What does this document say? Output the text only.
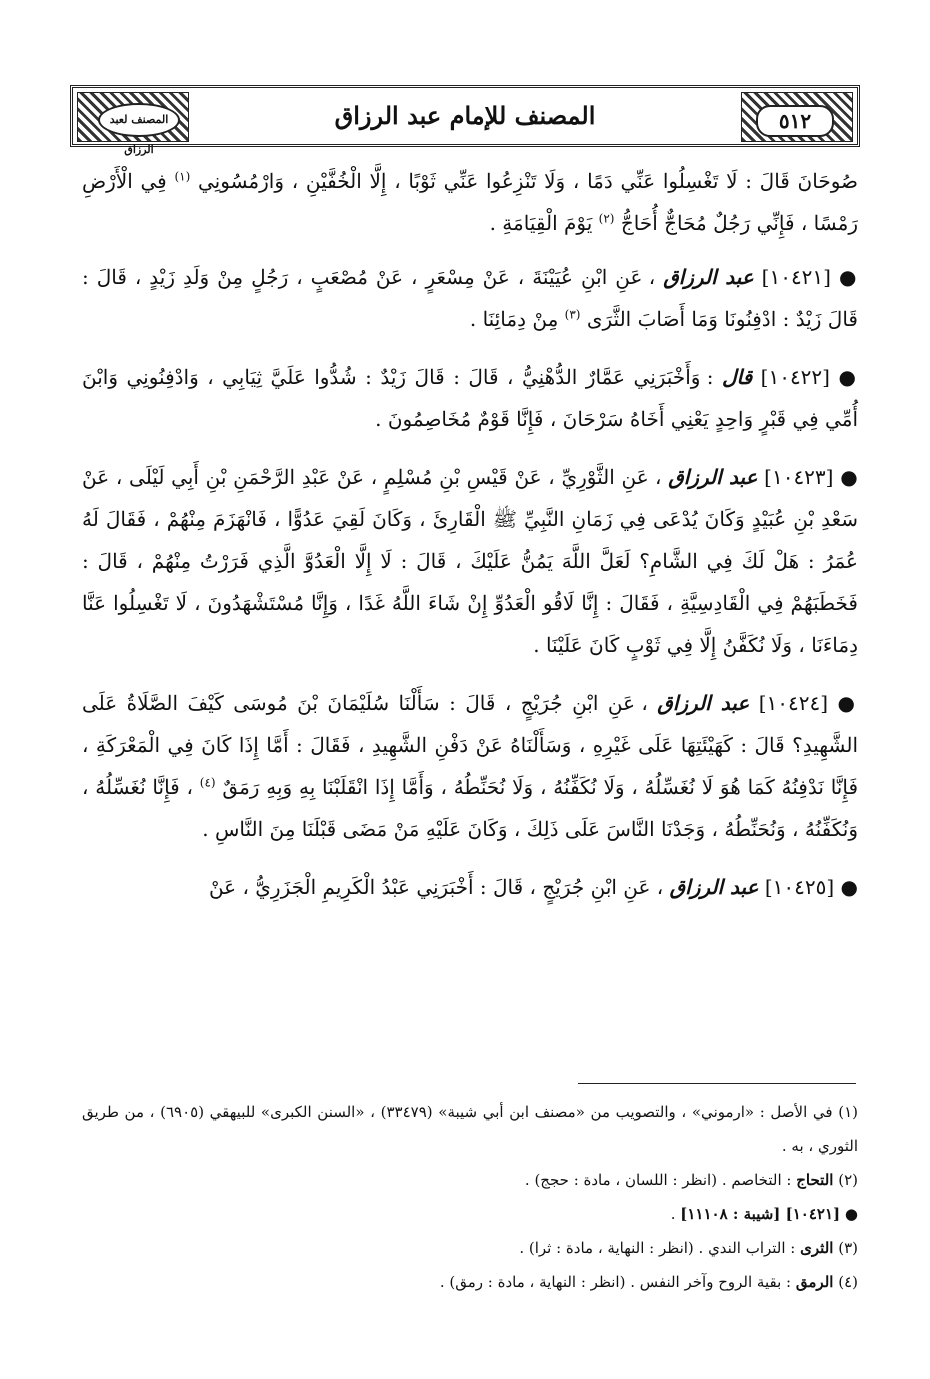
٥١٢
المصنف للإمام عبد الرزاق
المصنف لعبد الرزاق

صُوحَانَ قَالَ : لَا تَغْسِلُوا عَنِّي دَمًا ، وَلَا تَنْزِعُوا عَنِّي ثَوْبًا ، إِلَّا الْخُفَّيْنِ ، وَارْمُسُونِي $^{(١)}$ فِي الْأَرْضِ رَمْسًا ، فَإِنِّي رَجُلٌ مُحَاجٌّ أُحَاجُّ $^{(٢)}$ يَوْمَ الْقِيَامَةِ .

● [١٠٤٢١] عبد الرزاق ، عَنِ ابْنِ عُيَيْنَةَ ، عَنْ مِسْعَرٍ ، عَنْ مُصْعَبٍ ، رَجُلٍ مِنْ وَلَدِ زَيْدٍ ، قَالَ : قَالَ زَيْدٌ : ادْفِنُونَا وَمَا أَصَابَ الثَّرَى $^{(٣)}$ مِنْ دِمَائِنَا .

● [١٠٤٢٢] قال : وَأَخْبَرَنِي عَمَّارٌ الدُّهْنِيُّ ، قَالَ : قَالَ زَيْدٌ : شُدُّوا عَلَيَّ ثِيَابِي ، وَادْفِنُونِي وَابْنَ أُمِّي فِي قَبْرٍ وَاحِدٍ يَعْنِي أَخَاهُ سَرْحَانَ ، فَإِنَّا قَوْمٌ مُخَاصِمُونَ .

● [١٠٤٢٣] عبد الرزاق ، عَنِ الثَّوْرِيِّ ، عَنْ قَيْسِ بْنِ مُسْلِمٍ ، عَنْ عَبْدِ الرَّحْمَنِ بْنِ أَبِي لَيْلَى ، عَنْ سَعْدِ بْنِ عُبَيْدٍ وَكَانَ يُدْعَى فِي زَمَانِ النَّبِيِّ ﷺ الْقَارِئَ ، وَكَانَ لَقِيَ عَدُوًّا ، فَانْهَزَمَ مِنْهُمْ ، فَقَالَ لَهُ عُمَرُ : هَلْ لَكَ فِي الشَّامِ؟ لَعَلَّ اللَّهَ يَمُنُّ عَلَيْكَ ، قَالَ : لَا إِلَّا الْعَدُوَّ الَّذِي فَرَرْتُ مِنْهُمْ ، قَالَ : فَخَطَبَهُمْ فِي الْقَادِسِيَّةِ ، فَقَالَ : إِنَّا لَاقُو الْعَدُوِّ إِنْ شَاءَ اللَّهُ غَدًا ، وَإِنَّا مُسْتَشْهَدُونَ ، لَا تَغْسِلُوا عَنَّا دِمَاءَنَا ، وَلَا نُكَفَّنُ إِلَّا فِي ثَوْبٍ كَانَ عَلَيْنَا .

● [١٠٤٢٤] عبد الرزاق ، عَنِ ابْنِ جُرَيْجٍ ، قَالَ : سَأَلْنَا سُلَيْمَانَ بْنَ مُوسَى كَيْفَ الصَّلَاةُ عَلَى الشَّهِيدِ؟ قَالَ : كَهَيْئَتِهَا عَلَى غَيْرِهِ ، وَسَأَلْنَاهُ عَنْ دَفْنِ الشَّهِيدِ ، فَقَالَ : أَمَّا إِذَا كَانَ فِي الْمَعْرَكَةِ ، فَإِنَّا نَدْفِنُهُ كَمَا هُوَ لَا نُغَسِّلُهُ ، وَلَا نُكَفِّنُهُ ، وَلَا نُحَنِّطُهُ ، وَأَمَّا إِذَا انْقَلَبْنَا بِهِ وَبِهِ رَمَقٌ $^{(٤)}$ ، فَإِنَّا نُغَسِّلُهُ ، وَنُكَفِّنُهُ ، وَنُحَنِّطُهُ ، وَجَدْنَا النَّاسَ عَلَى ذَلِكَ ، وَكَانَ عَلَيْهِ مَنْ مَضَى قَبْلَنَا مِنَ النَّاسِ .

● [١٠٤٢٥] عبد الرزاق ، عَنِ ابْنِ جُرَيْجٍ ، قَالَ : أَخْبَرَنِي عَبْدُ الْكَرِيمِ الْجَزَرِيُّ ، عَنْ

(١) في الأصل : «ارموني» ، والتصويب من «مصنف ابن أبي شيبة» (٣٣٤٧٩) ، «السنن الكبرى» للبيهقي (٦٩٠٥) ، من طريق الثوري ، به .

(٢) التحاج : التخاصم . (انظر : اللسان ، مادة : حجج) .

● [١٠٤٢١] [شيبة : ١١١٠٨] .

(٣) الثرى : التراب الندي . (انظر : النهاية ، مادة : ثرا) .

(٤) الرمق : بقية الروح وآخر النفس . (انظر : النهاية ، مادة : رمق) .
